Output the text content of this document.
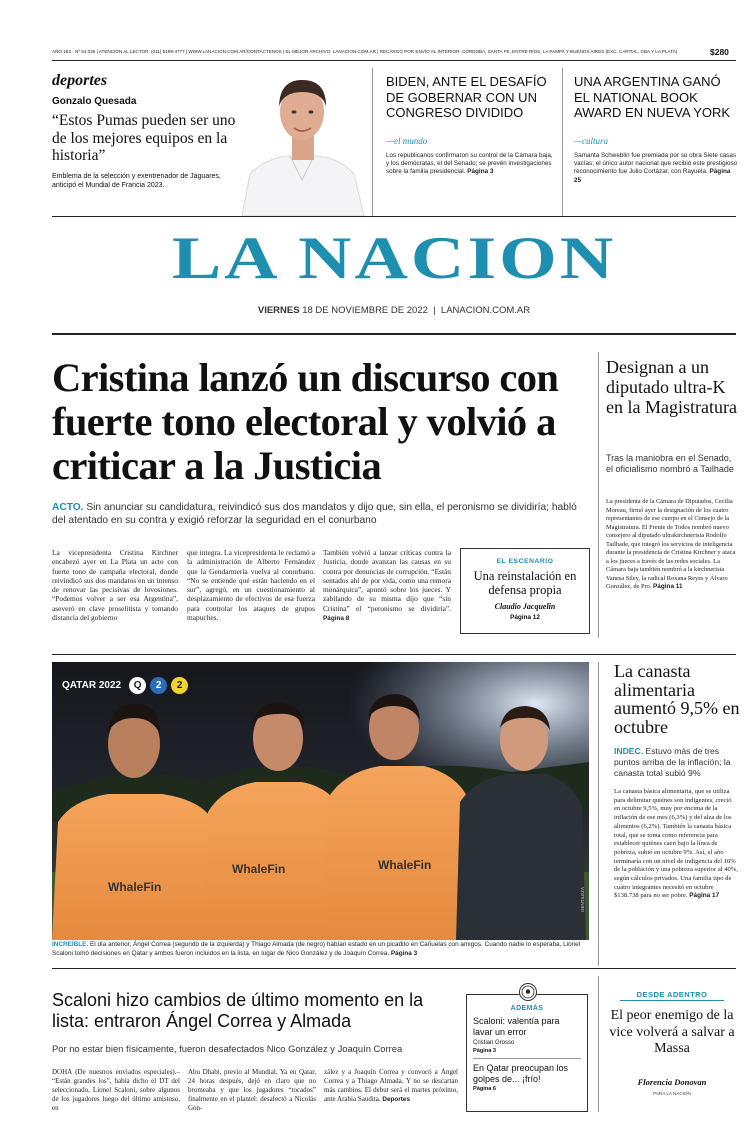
AÑO 153 · Nº 54.036 | ATENCIÓN AL LECTOR: (011) 5199-4777 | WWW.LANACION.COM.AR/CONTACTENOS | EL MEJOR ARCHIVO: LANACION.COM.AR | RECARGO POR ENVÍO AL INTERIOR: CÓRDOBA, SANTA FE, ENTRE RÍOS, LA PAMPA Y BUENOS AIRES (EXC. CAPITAL, GBA Y LA PLATA)	$280
deportes
Gonzalo Quesada
“Estos Pumas pueden ser uno de los mejores equipos en la historia”
Emblema de la selección y exentrenador de Jaguares, anticipó el Mundial de Francia 2023.
BIDEN, ANTE EL DESAFÍO DE GOBERNAR CON UN CONGRESO DIVIDIDO
—el mundo
Los republicanos confirmaron su control de la Cámara baja, y los demócratas, el del Senado; se prevén investigaciones sobre la familia presidencial. Página 3
UNA ARGENTINA GANÓ EL NATIONAL BOOK AWARD EN NUEVA YORK
—cultura
Samanta Schweblin fue premiada por su obra Siete casas vacías; el único autor nacional que recibió este prestigioso reconocimiento fue Julio Cortázar, con Rayuela. Página 25
LA NACION
VIERNES 18 DE NOVIEMBRE DE 2022  |  LANACION.COM.AR
Cristina lanzó un discurso con fuerte tono electoral y volvió a criticar a la Justicia
ACTO. Sin anunciar su candidatura, reivindicó sus dos mandatos y dijo que, sin ella, el peronismo se dividiría; habló del atentado en su contra y exigió reforzar la seguridad en el conurbano
La vicepresidenta Cristina Kirchner encabezó ayer en La Plata un acto con fuerte tono de campaña electoral, donde reivindicó sus dos mandatos en un intenso de renovar las pecisivas de lovosiones. “Podemos volver a ser esa Argentina”, aseveró en clave proselitista y tomando distancia del gobierno
que integra. La vicepresidenta le reclamó a la administración de Alberto Fernández que la Gendarmería vuelva al conurbano. “No se entiende qué están haciendo en el sur”, agregó, en un cuestionamiento al desplazamiento de efectivos de esa fuerza para controlar los ataques de grupos mapuches.
También volvió a lanzar críticas contra la Justicia, donde avanzan las causas en su contra por denuncias de corrupción. “Están sentados ahí de por vida, como una remora monárquica”, apuntó sobre los jueces. Y zabilando de su misma dijo que “sin Cristina” el “peronismo se dividiría”. Página 8
EL ESCENARIO
Una reinstalación en defensa propia
Claudio Jacquelin
Página 12
Designan a un diputado ultra-K en la Magistratura
Tras la maniobra en el Senado, el oficialismo nombró a Tailhade
La presidenta de la Cámara de Diputados, Cecilia Moreau, firmó ayer la designación de los cuatro representantes de ese cuerpo en el Consejo de la Magistratura. El Frente de Todos nombró nuevo consejero al diputado ultrakirchnerista Rodolfo Tailhade, que integró los servicios de inteligencia durante la presidencia de Cristina Kirchner y ataca a los jueces a través de las redes sociales. La Cámara baja también nombró a la kirchnerista Vanesa Siley, la radical Roxana Reyes y Álvaro González, de Pro. Página 11
WhaleFin
WhaleFin	WhaleFin
QATAR 2022	Q	2	2
GENTILEZA
INCREÍBLE. El día anterior, Ángel Correa (segundo de la izquierda) y Thiago Almada (de negro) habían estado en un picadito en Cañuelas con amigos. Cuando nadie lo esperaba, Lionel Scaloni tomó decisiones en Qatar y ambos fueron incluidos en la lista, en lugar de Nico González y de Joaquín Correa. Página 3
La canasta alimentaria aumentó 9,5% en octubre
INDEC. Estuvo más de tres puntos arriba de la inflación; la canasta total subió 9%
La canasta básica alimentaria, que se utiliza para delimitar quiénes son indigentes, creció en octubre 9,5%, muy por encima de la inflación de ese mes (6,3%) y del alza de los alimentos (6,2%). También la canasta básica total, que se toma como referencia para establecer quiénes caen bajo la línea de pobreza, subió en octubre 9%. Así, el año terminaría con un nivel de indigencia del 10% de la población y una pobreza superior al 40%, según cálculos privados. Una familia tipo de cuatro integrantes necesitó en octubre $138.738 para no ser pobre. Página 17
Scaloni hizo cambios de último momento en la lista: entraron Ángel Correa y Almada
Por no estar bien físicamente, fueron desafectados Nico González y Joaquín Correa
DOHA (De nuestros enviados especiales).– “Están grandes los”, había dicho el DT del seleccionado, Lionel Scaloni, sobre algunos de los jugadores luego del último amistoso, en
Abu Dhabi, previo al Mundial. Ya en Qatar, 24 horas después, dejó en claro que no bromeaba y que los jugadores “tocados” finalmente en el plantel: desafectó a Nicolás Gon-
zález y a Joaquín Correa y convocó a Ángel Correa y a Thiago Almada. Y no se descartan más cambios. El debut será el martes próximo, ante Arabia Saudita. Deportes
ADEMÁS
Scaloni: valentía para lavar un error
Cristian Grosso
Página 3
En Qatar preocupan los golpes de... ¡frío!
Página 6
DESDE ADENTRO
El peor enemigo de la vice volverá a salvar a Massa
Florencia Donovan
PARA LA NACION
